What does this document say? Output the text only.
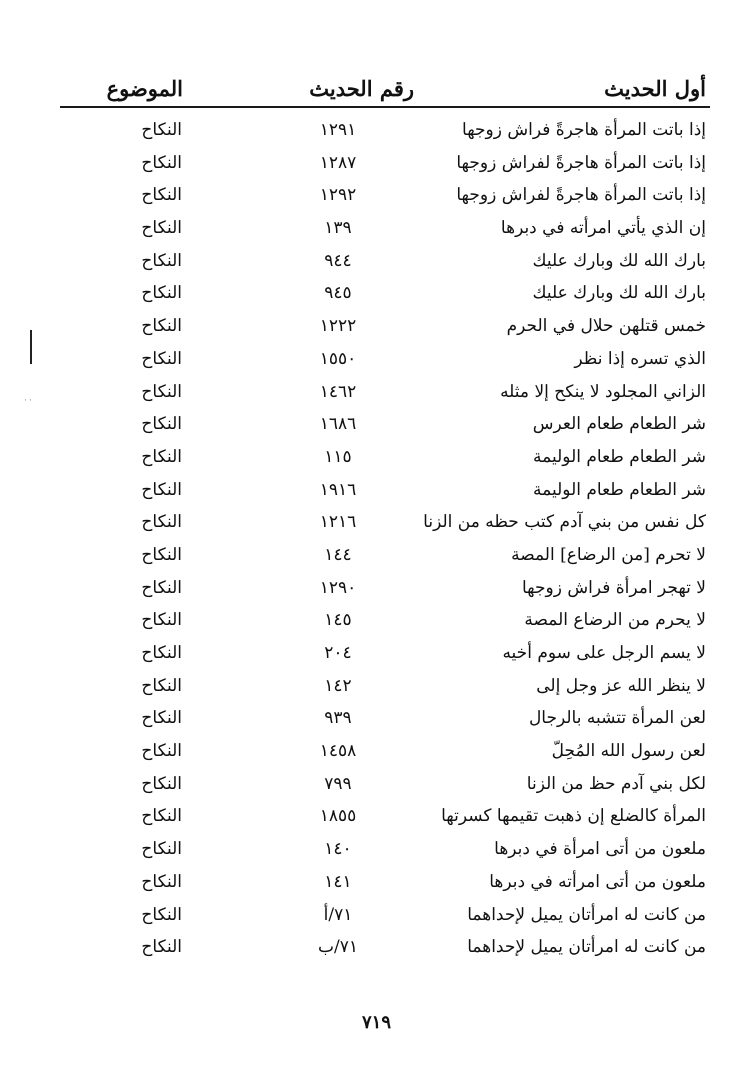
أول الحديث
رقم الحديث
الموضوع
إذا باتت المرأة هاجرةً فراش زوجها
١٢٩١
النكاح
إذا باتت المرأة هاجرةً لفراش زوجها
١٢٨٧
النكاح
إذا باتت المرأة هاجرةً لفراش زوجها
١٢٩٢
النكاح
إن الذي يأتي امرأته في دبرها
١٣٩
النكاح
بارك الله لك وبارك عليك
٩٤٤
النكاح
بارك الله لك وبارك عليك
٩٤٥
النكاح
خمس قتلهن حلال في الحرم
١٢٢٢
النكاح
الذي تسره إذا نظر
١٥٥٠
النكاح
الزاني المجلود لا ينكح إلا مثله
١٤٦٢
النكاح
شر الطعام طعام العرس
١٦٨٦
النكاح
شر الطعام طعام الوليمة
١١٥
النكاح
شر الطعام طعام الوليمة
١٩١٦
النكاح
كل نفس من بني آدم كتب حظه من الزنا
١٢١٦
النكاح
لا تحرم [من الرضاع] المصة
١٤٤
النكاح
لا تهجر امرأة فراش زوجها
١٢٩٠
النكاح
لا يحرم من الرضاع المصة
١٤٥
النكاح
لا يسم الرجل على سوم أخيه
٢٠٤
النكاح
لا ينظر الله عز وجل إلى
١٤٢
النكاح
لعن المرأة تتشبه بالرجال
٩٣٩
النكاح
لعن رسول الله المُحِلّ
١٤٥٨
النكاح
لكل بني آدم حظ من الزنا
٧٩٩
النكاح
المرأة كالضلع إن ذهبت تقيمها كسرتها
١٨٥٥
النكاح
ملعون من أتى امرأة في دبرها
١٤٠
النكاح
ملعون من أتى امرأته في دبرها
١٤١
النكاح
من كانت له امرأتان يميل لإحداهما
٧١/أ
النكاح
من كانت له امرأتان يميل لإحداهما
٧١/ب
النكاح
··
٧١٩
